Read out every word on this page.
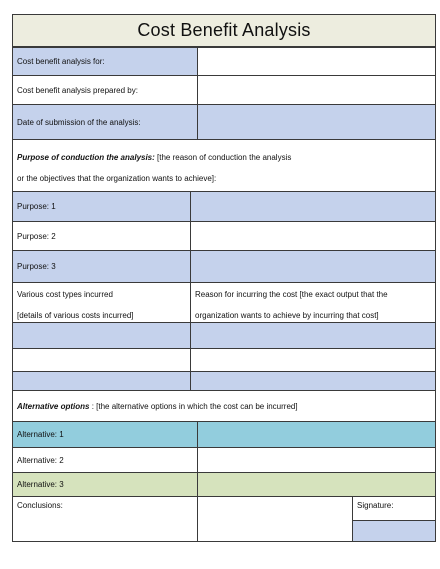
Cost Benefit Analysis
Cost benefit analysis for:
Cost benefit analysis prepared by:
Date of submission of the analysis:
Purpose of conduction the analysis: [the reason of conduction the analysis
or the objectives that the organization wants to achieve]:
Purpose: 1
Purpose: 2
Purpose: 3
Various cost types incurred
[details of various costs incurred]
Reason for incurring the cost [the exact output that the
organization wants to achieve by incurring that cost]
Alternative options : [the alternative options in which the cost can be incurred]
Alternative: 1
Alternative: 2
Alternative: 3
Conclusions:	Signature:
